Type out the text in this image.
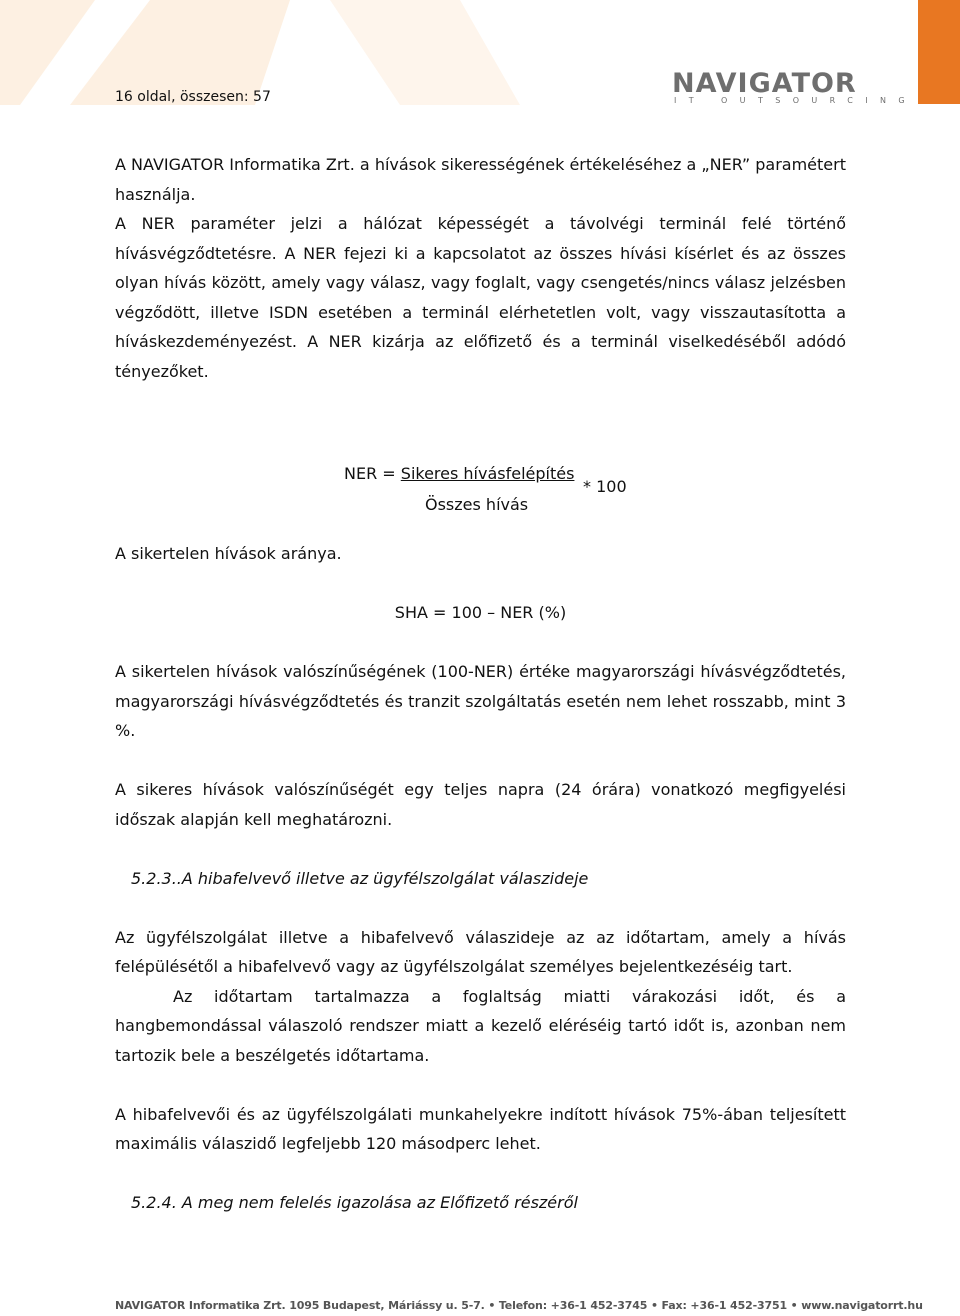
16 oldal, összesen: 57	NAVIGATOR
IT OUTSOURCING

A NAVIGATOR Informatika Zrt. a hívások sikerességének értékeléséhez a „NER” paramétert használja.

A NER paraméter jelzi a hálózat képességét a távolvégi terminál felé történő hívásvégződtetésre. A NER fejezi ki a kapcsolatot az összes hívási kísérlet és az összes olyan hívás között, amely vagy válasz, vagy foglalt, vagy csengetés/nincs válasz jelzésben végződött, illetve ISDN esetében a terminál elérhetetlen volt, vagy visszautasította a híváskezdeményezést. A NER kizárja az előfizető és a terminál viselkedéséből adódó tényezőket.

NER = Sikeres hívásfelépítés
Összes hívás
* 100

A sikertelen hívások aránya.

SHA = 100 – NER (%)

A sikertelen hívások valószínűségének (100-NER) értéke magyarországi hívásvégződtetés, magyarországi hívásvégződtetés és tranzit szolgáltatás esetén nem lehet rosszabb, mint 3 %.

A sikeres hívások valószínűségét egy teljes napra (24 órára) vonatkozó megfigyelési időszak alapján kell meghatározni.

5.2.3..A hibafelvevő illetve az ügyfélszolgálat válaszideje

Az ügyfélszolgálat illetve a hibafelvevő válaszideje az az időtartam, amely a hívás felépülésétől a hibafelvevő vagy az ügyfélszolgálat személyes bejelentkezéséig tart.

Az időtartam tartalmazza a foglaltság miatti várakozási időt, és a hangbemondással válaszoló rendszer miatt a kezelő eléréséig tartó időt is, azonban nem tartozik bele a beszélgetés időtartama.

A hibafelvevői és az ügyfélszolgálati munkahelyekre indított hívások 75%-ában teljesített maximális válaszidő legfeljebb 120 másodperc lehet.

5.2.4. A meg nem felelés igazolása az Előfizető részéről

NAVIGATOR Informatika Zrt. 1095 Budapest, Máriássy u. 5-7. • Telefon: +36-1 452-3745 • Fax: +36-1 452-3751 • www.navigatorrt.hu
